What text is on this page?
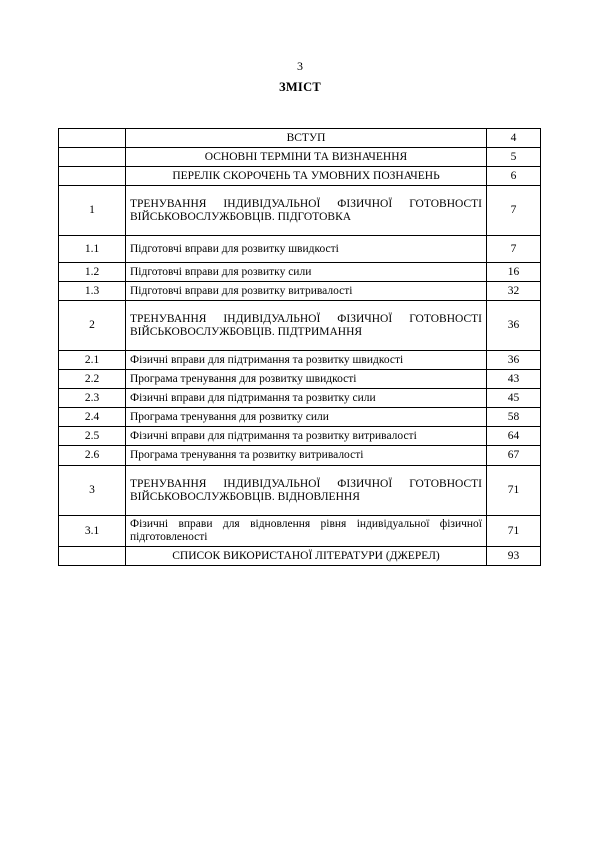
3
ЗМІСТ
	ВСТУП	4
	ОСНОВНІ ТЕРМІНИ ТА ВИЗНАЧЕННЯ	5
	ПЕРЕЛІК СКОРОЧЕНЬ ТА УМОВНИХ ПОЗНАЧЕНЬ	6
1	ТРЕНУВАННЯ ІНДИВІДУАЛЬНОЇ ФІЗИЧНОЇ ГОТОВНОСТІ ВІЙСЬКОВОСЛУЖБОВЦІВ. ПІДГОТОВКА	7
1.1	Підготовчі вправи для розвитку швидкості	7
1.2	Підготовчі вправи для розвитку сили	16
1.3	Підготовчі вправи для розвитку витривалості	32
2	ТРЕНУВАННЯ ІНДИВІДУАЛЬНОЇ ФІЗИЧНОЇ ГОТОВНОСТІ ВІЙСЬКОВОСЛУЖБОВЦІВ. ПІДТРИМАННЯ	36
2.1	Фізичні вправи для підтримання та розвитку швидкості	36
2.2	Програма тренування для розвитку швидкості	43
2.3	Фізичні вправи для підтримання та розвитку сили	45
2.4	Програма тренування для розвитку сили	58
2.5	Фізичні вправи для підтримання та розвитку витривалості	64
2.6	Програма тренування та розвитку витривалості	67
3	ТРЕНУВАННЯ ІНДИВІДУАЛЬНОЇ ФІЗИЧНОЇ ГОТОВНОСТІ ВІЙСЬКОВОСЛУЖБОВЦІВ. ВІДНОВЛЕННЯ	71
3.1	Фізичні вправи для відновлення рівня індивідуальної фізичної підготовленості	71
	СПИСОК ВИКОРИСТАНОЇ ЛІТЕРАТУРИ (ДЖЕРЕЛ)	93
